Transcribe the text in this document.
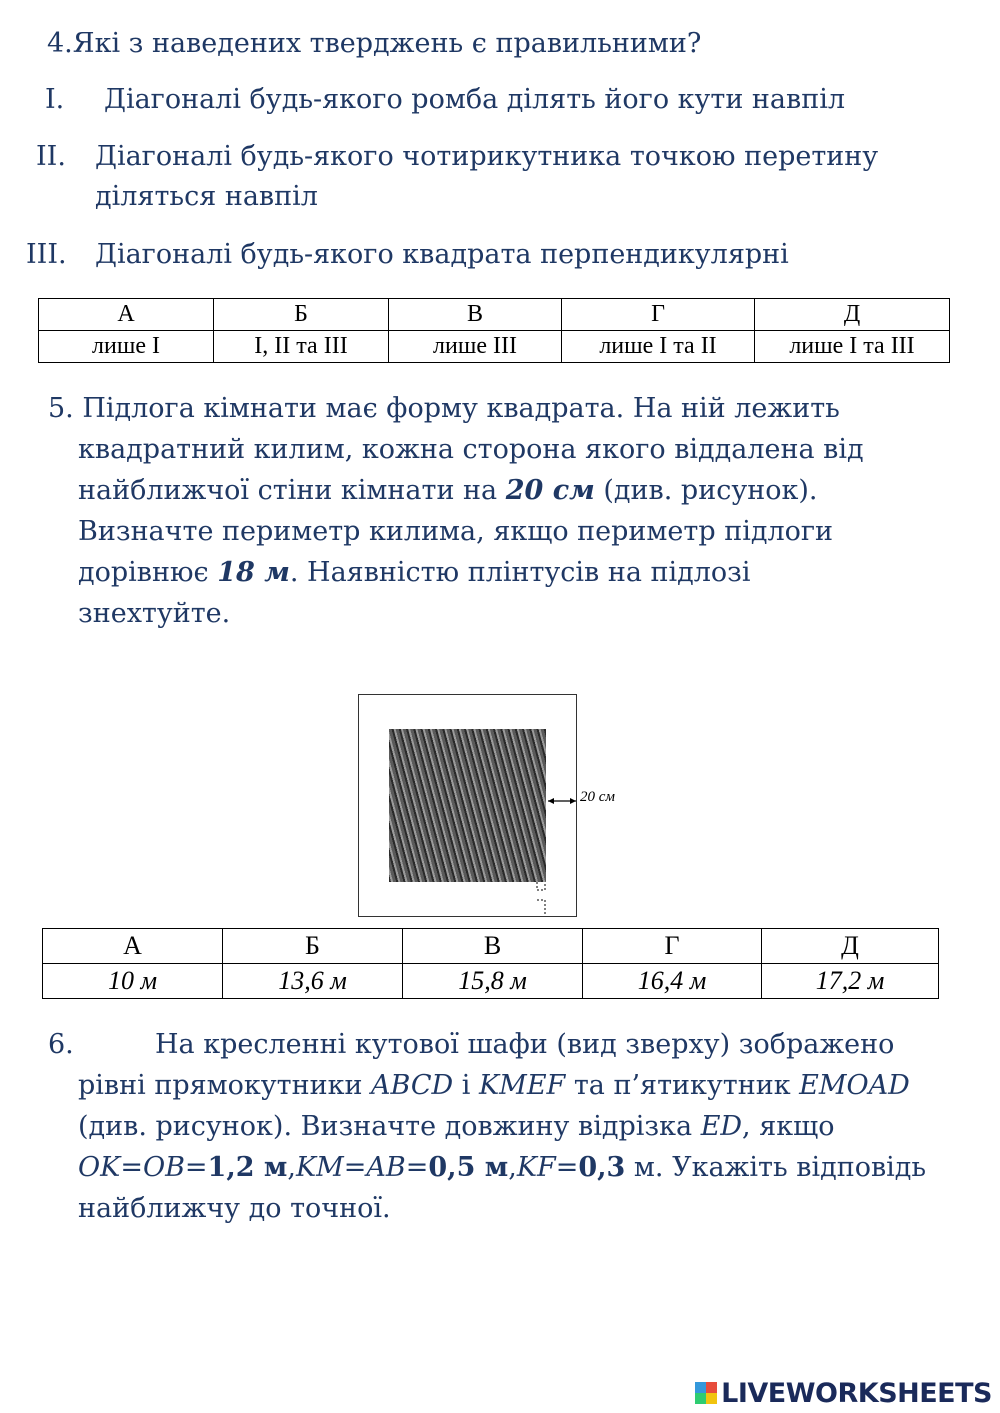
4.Які з наведених тверджень є правильними?
I. Діагоналі будь-якого ромба ділять його кути навпіл
II. Діагоналі будь-якого чотирикутника точкою перетину
діляться навпіл
III. Діагоналі будь-якого квадрата перпендикулярні
А	Б	В	Г	Д
лише І	І, ІІ та ІІІ	лише ІІІ	лише І та ІІ	лише І та ІІІ
5. Підлога кімнати має форму квадрата. На ній лежить
квадратний килим, кожна сторона якого віддалена від
найближчої стіни кімнати на 20 см (див. рисунок).
Визначте периметр килима, якщо периметр підлоги
дорівнює 18 м. Наявністю плінтусів на підлозі
знехтуйте.
20 см
А	Б	В	Г	Д
10 м	13,6 м	15,8 м	16,4 м	17,2 м
6.	На кресленні кутової шафи (вид зверху) зображено
рівні прямокутники ABCD і KMEF та п’ятикутник EMOAD
(див. рисунок). Визначте довжину відрізка ED, якщо
OK=OB=1,2 м,KM=AB=0,5 м,KF=0,3 м. Укажіть відповідь
найближчу до точної.
LIVEWORKSHEETS
